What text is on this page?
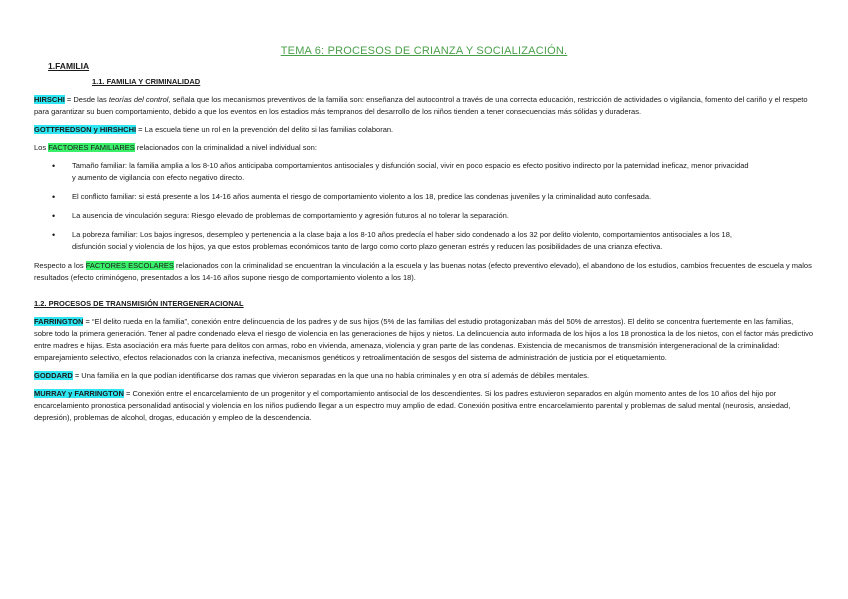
TEMA 6: PROCESOS DE CRIANZA Y SOCIALIZACIÓN.
1.FAMILIA
1.1. FAMILIA Y CRIMINALIDAD

HIRSCHI = Desde las teorías del control, señala que los mecanismos preventivos de la familia son: enseñanza del autocontrol a través de una correcta educación, restricción de actividades o vigilancia, fomento del cariño y el respeto para garantizar su buen comportamiento, debido a que los eventos en los estadios más tempranos del desarrollo de los niños tienden a tener consecuencias más sólidas y duraderas.

GOTTFREDSON y HIRSHCHI = La escuela tiene un rol en la prevención del delito si las familias colaboran.

Los FACTORES FAMILIARES relacionados con la criminalidad a nivel individual son:

• Tamaño familiar: la familia amplia a los 8-10 años anticipaba comportamientos antisociales y disfunción social, vivir en poco espacio es efecto positivo indirecto por la paternidad ineficaz, menor privacidad y aumento de vigilancia con efecto negativo directo.
• El conflicto familiar: si está presente a los 14-16 años aumenta el riesgo de comportamiento violento a los 18, predice las condenas juveniles y la criminalidad auto confesada.
• La ausencia de vinculación segura: Riesgo elevado de problemas de comportamiento y agresión futuros al no tolerar la separación.
• La pobreza familiar: Los bajos ingresos, desempleo y pertenencia a la clase baja a los 8-10 años predecía el haber sido condenado a los 32 por delito violento, comportamientos antisociales a los 18, disfunción social y violencia de los hijos, ya que estos problemas económicos tanto de largo como corto plazo generan estrés y reducen las posibilidades de una crianza efectiva.

Respecto a los FACTORES ESCOLARES relacionados con la criminalidad se encuentran la vinculación a la escuela y las buenas notas (efecto preventivo elevado), el abandono de los estudios, cambios frecuentes de escuela y malos resultados (efecto criminógeno, presentados a los 14-16 años supone riesgo de comportamiento violento a los 18).

1.2. PROCESOS DE TRANSMISIÓN INTERGENERACIONAL

FARRINGTON = “El delito rueda en la familia”, conexión entre delincuencia de los padres y de sus hijos (5% de las familias del estudio protagonizaban más del 50% de arrestos). El delito se concentra fuertemente en las familias, sobre todo la primera generación. Tener al padre condenado eleva el riesgo de violencia en las generaciones de hijos y nietos. La delincuencia auto informada de los hijos a los 18 pronostica la de los nietos, con el factor más predictivo entre madres e hijas. Esta asociación era más fuerte para delitos con armas, robo en vivienda, amenaza, violencia y gran parte de las condenas. Existencia de mecanismos de transmisión intergeneracional de la criminalidad: emparejamiento selectivo, efectos relacionados con la crianza inefectiva, mecanismos genéticos y retroalimentación de sesgos del sistema de administración de justicia por el etiquetamiento.

GODDARD = Una familia en la que podían identificarse dos ramas que vivieron separadas en la que una no había criminales y en otra sí además de débiles mentales.

MURRAY y FARRINGTON = Conexión entre el encarcelamiento de un progenitor y el comportamiento antisocial de los descendientes. Si los padres estuvieron separados en algún momento antes de los 10 años del hijo por encarcelamiento pronostica personalidad antisocial y violencia en los niños pudiendo llegar a un espectro muy amplio de edad. Conexión positiva entre encarcelamiento parental y problemas de salud mental (neurosis, ansiedad, depresión), problemas de alcohol, drogas, educación y empleo de la descendencia.
